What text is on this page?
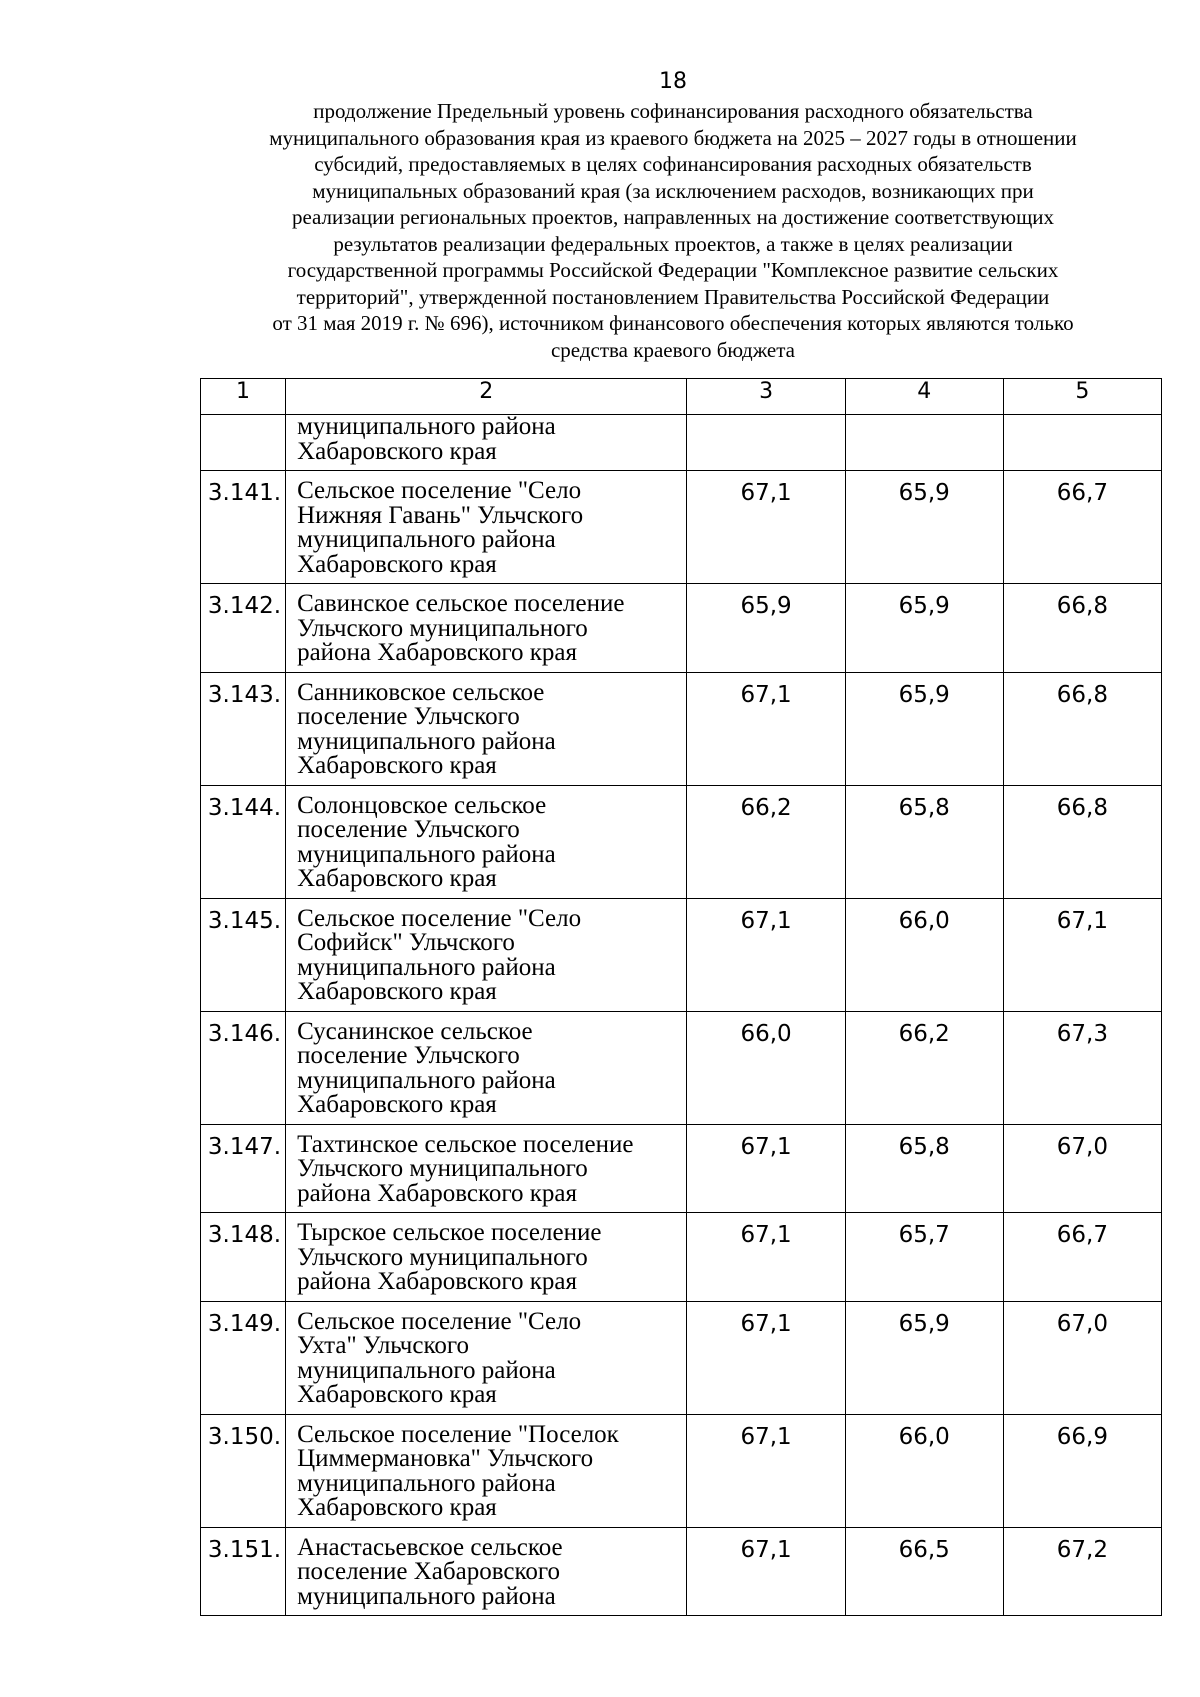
18
продолжение Предельный уровень софинансирования расходного обязательства
муниципального образования края из краевого бюджета на 2025 – 2027 годы в отношении
субсидий, предоставляемых в целях софинансирования расходных обязательств
муниципальных образований края (за исключением расходов, возникающих при
реализации региональных проектов, направленных на достижение соответствующих
результатов реализации федеральных проектов, а также в целях реализации
государственной программы Российской Федерации "Комплексное развитие сельских
территорий", утвержденной постановлением Правительства Российской Федерации
от 31 мая 2019 г. № 696), источником финансового обеспечения которых являются только
средства краевого бюджета
1	2	3	4	5

	муниципального района
Хабаровского края			

3.141.	Сельское поселение "Село
Нижняя Гавань" Ульчского
муниципального района
Хабаровского края	67,1	65,9	66,7
3.142.	Савинское сельское поселение
Ульчского муниципального
района Хабаровского края	65,9	65,9	66,8
3.143.	Санниковское сельское
поселение Ульчского
муниципального района
Хабаровского края	67,1	65,9	66,8
3.144.	Солонцовское сельское
поселение Ульчского
муниципального района
Хабаровского края	66,2	65,8	66,8
3.145.	Сельское поселение "Село
Софийск" Ульчского
муниципального района
Хабаровского края	67,1	66,0	67,1
3.146.	Сусанинское сельское
поселение Ульчского
муниципального района
Хабаровского края	66,0	66,2	67,3
3.147.	Тахтинское сельское поселение
Ульчского муниципального
района Хабаровского края	67,1	65,8	67,0
3.148.	Тырское сельское поселение
Ульчского муниципального
района Хабаровского края	67,1	65,7	66,7
3.149.	Сельское поселение "Село
Ухта" Ульчского
муниципального района
Хабаровского края	67,1	65,9	67,0
3.150.	Сельское поселение "Поселок
Циммермановка" Ульчского
муниципального района
Хабаровского края	67,1	66,0	66,9
3.151.	Анастасьевское сельское
поселение Хабаровского
муниципального района	67,1	66,5	67,2
